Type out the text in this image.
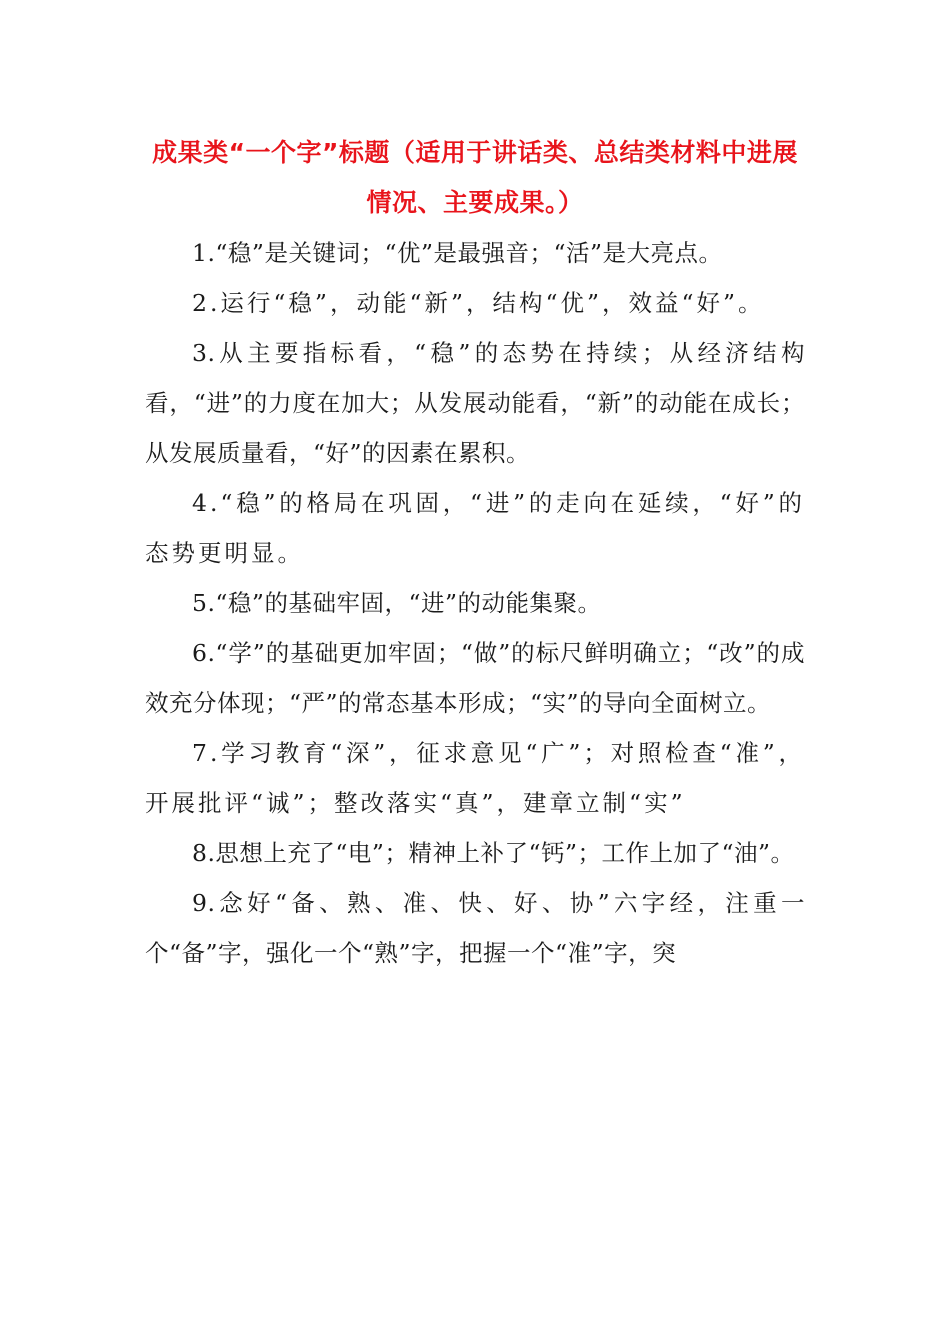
成果类“一个字”标题（适用于讲话类、总结类材料中进展情况、主要成果。）

1.“稳”是关键词；“优”是最强音；“活”是大亮点。

2.运行“稳”，动能“新”，结构“优”，效益“好”。

3.从主要指标看，“稳”的态势在持续；从经济结构看，“进”的力度在加大；从发展动能看，“新”的动能在成长；从发展质量看，“好”的因素在累积。

4.“稳”的格局在巩固，“进”的走向在延续，“好”的态势更明显。

5.“稳”的基础牢固，“进”的动能集聚。

6.“学”的基础更加牢固；“做”的标尺鲜明确立；“改”的成效充分体现；“严”的常态基本形成；“实”的导向全面树立。

7.学习教育“深”，征求意见“广”；对照检查“准”，开展批评“诚”；整改落实“真”，建章立制“实”

8.思想上充了“电”；精神上补了“钙”；工作上加了“油”。

9.念好“备、熟、准、快、好、协”六字经，注重一个“备”字，强化一个“熟”字，把握一个“准”字，突
